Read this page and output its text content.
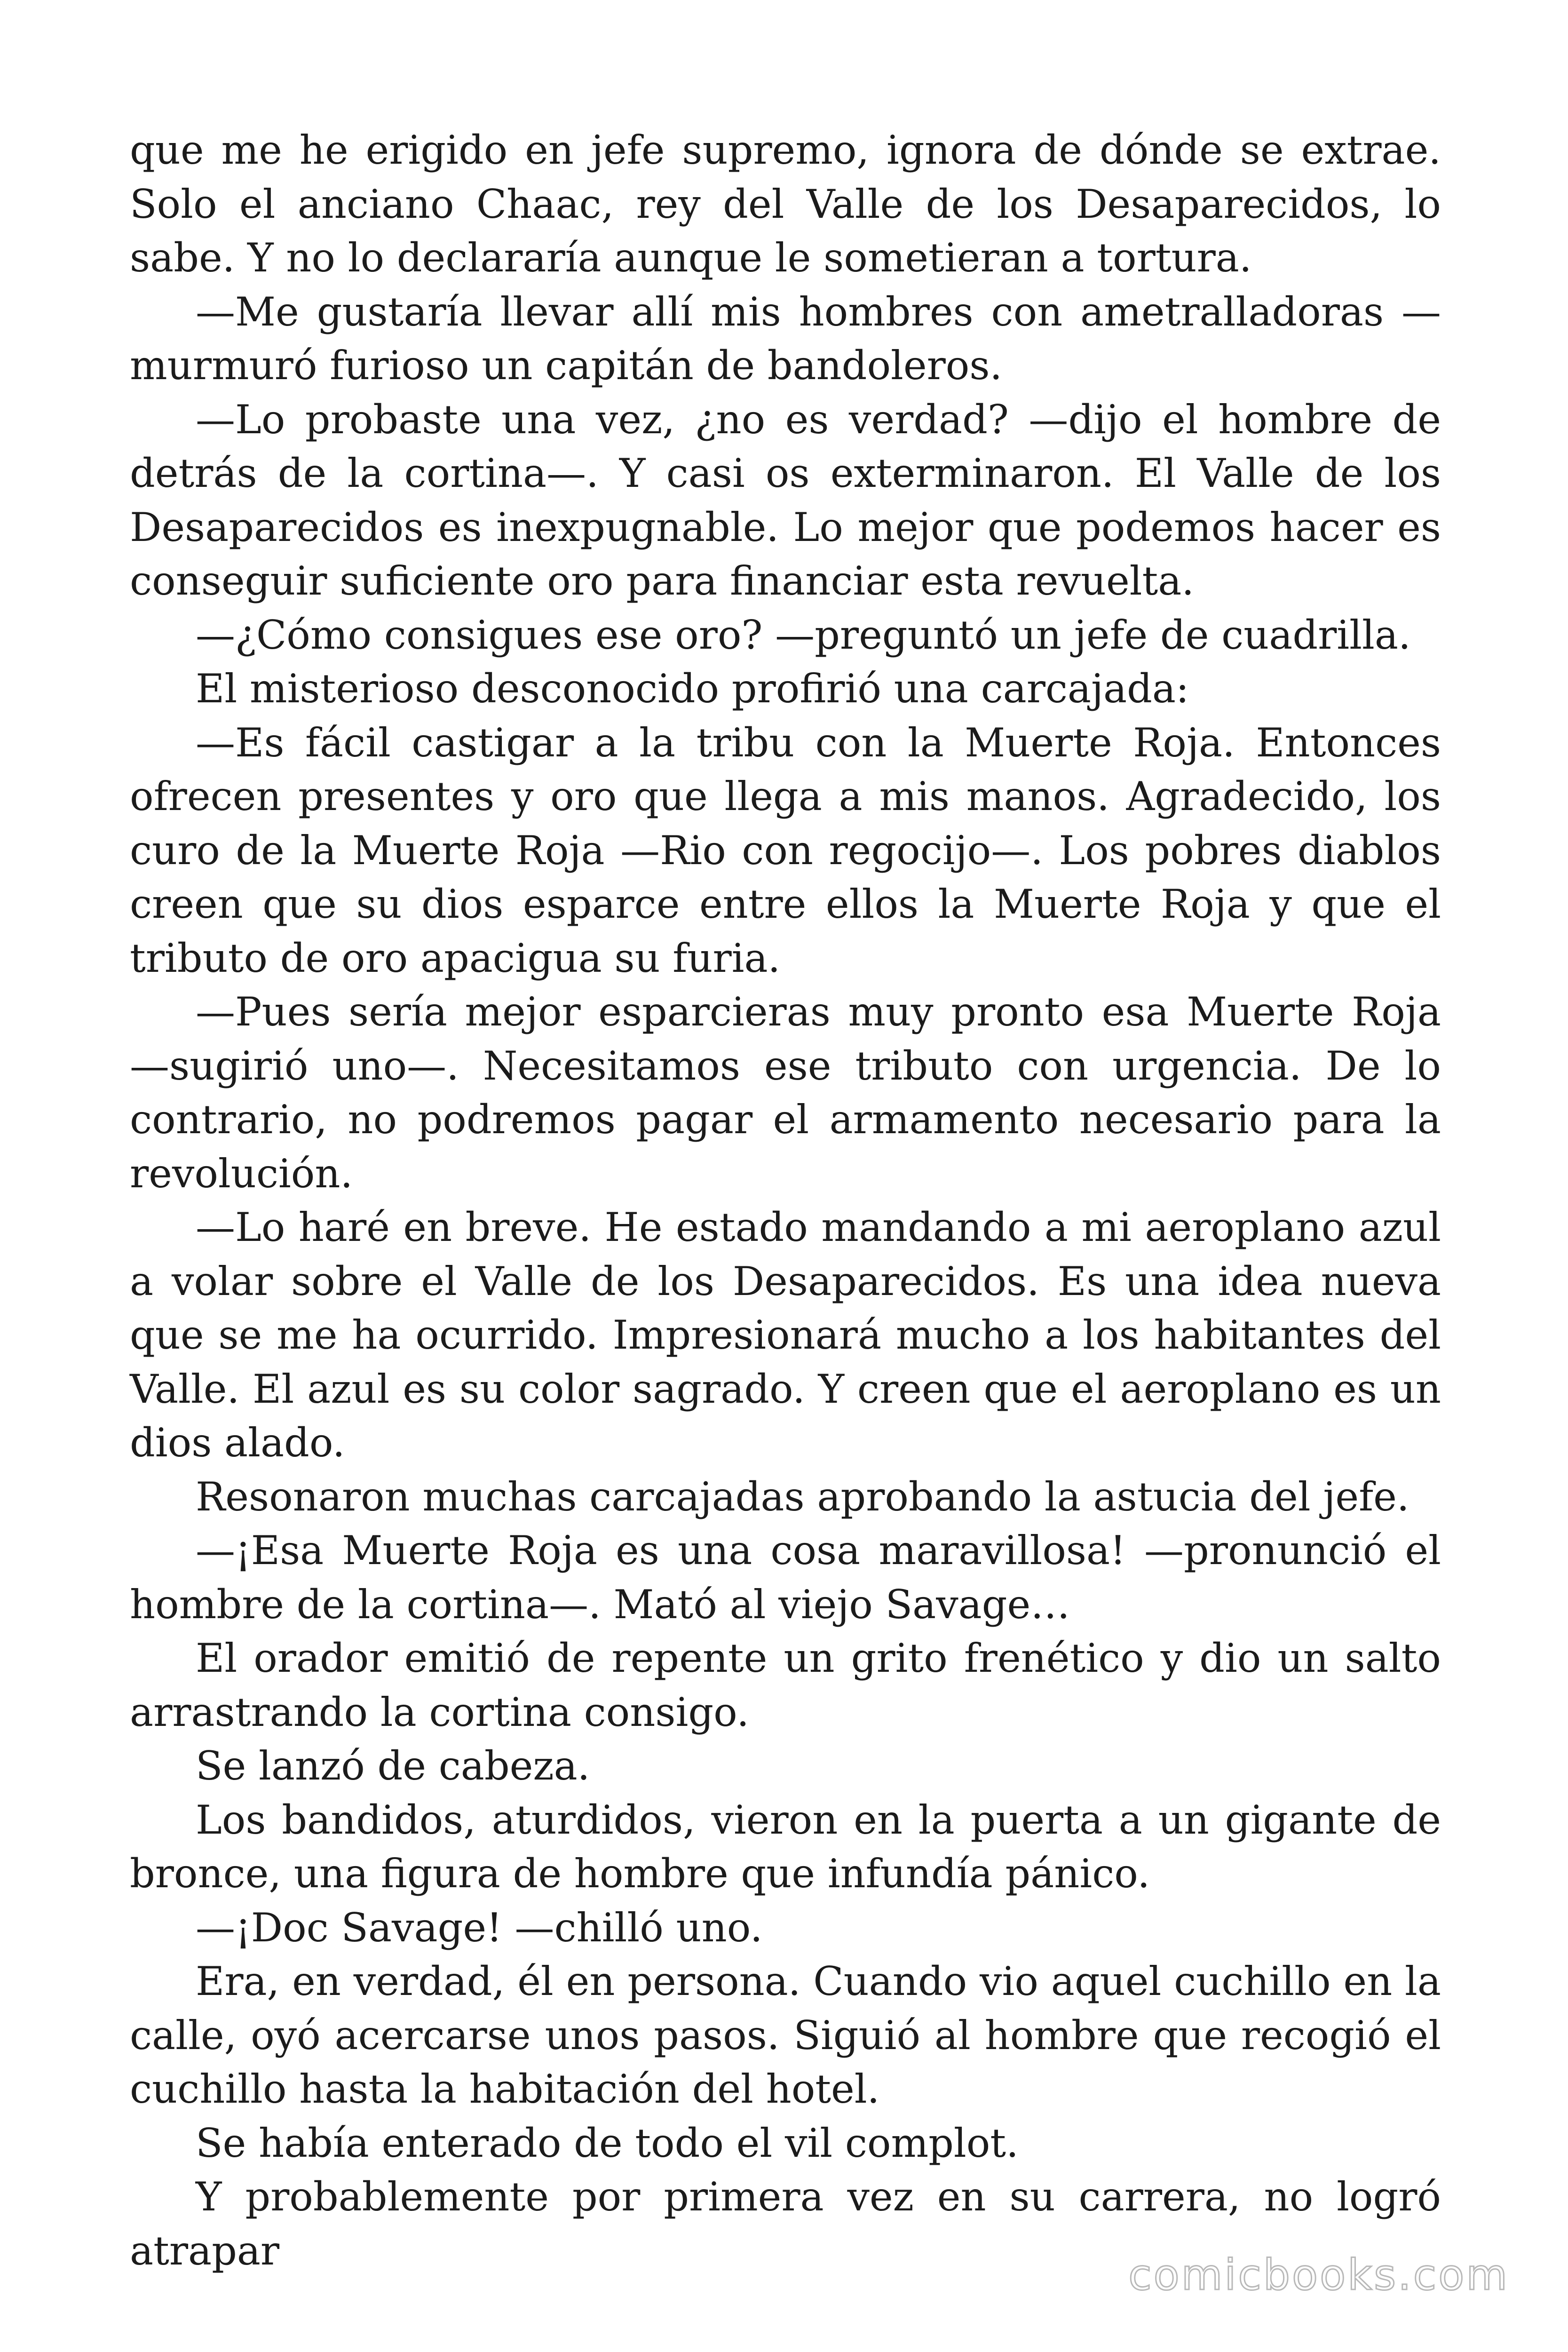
que me he erigido en jefe supremo, ignora de dónde se extrae. Solo el anciano Chaac, rey del Valle de los Desaparecidos, lo sabe. Y no lo declararía aunque le sometieran a tortura.

—Me gustaría llevar allí mis hombres con ametralladoras —murmuró furioso un capitán de bandoleros.

—Lo probaste una vez, ¿no es verdad? —dijo el hombre de detrás de la cortina—. Y casi os exterminaron. El Valle de los Desaparecidos es inexpugnable. Lo mejor que podemos hacer es conseguir suficiente oro para financiar esta revuelta.

—¿Cómo consigues ese oro? —preguntó un jefe de cuadrilla.

El misterioso desconocido profirió una carcajada:

—Es fácil castigar a la tribu con la Muerte Roja. Entonces ofrecen presentes y oro que llega a mis manos. Agradecido, los curo de la Muerte Roja —Rio con regocijo—. Los pobres diablos creen que su dios esparce entre ellos la Muerte Roja y que el tributo de oro apacigua su furia.

—Pues sería mejor esparcieras muy pronto esa Muerte Roja —sugirió uno—. Necesitamos ese tributo con urgencia. De lo contrario, no podremos pagar el armamento necesario para la revolución.

—Lo haré en breve. He estado mandando a mi aeroplano azul a volar sobre el Valle de los Desaparecidos. Es una idea nueva que se me ha ocurrido. Impresionará mucho a los habitantes del Valle. El azul es su color sagrado. Y creen que el aeroplano es un dios alado.

Resonaron muchas carcajadas aprobando la astucia del jefe.

—¡Esa Muerte Roja es una cosa maravillosa! —pronunció el hombre de la cortina—. Mató al viejo Savage…

El orador emitió de repente un grito frenético y dio un salto arrastrando la cortina consigo.

Se lanzó de cabeza.

Los bandidos, aturdidos, vieron en la puerta a un gigante de bronce, una figura de hombre que infundía pánico.

—¡Doc Savage! —chilló uno.

Era, en verdad, él en persona. Cuando vio aquel cuchillo en la calle, oyó acercarse unos pasos. Siguió al hombre que recogió el cuchillo hasta la habitación del hotel.

Se había enterado de todo el vil complot.

Y probablemente por primera vez en su carrera, no logró atrapar	comicbooks.com
